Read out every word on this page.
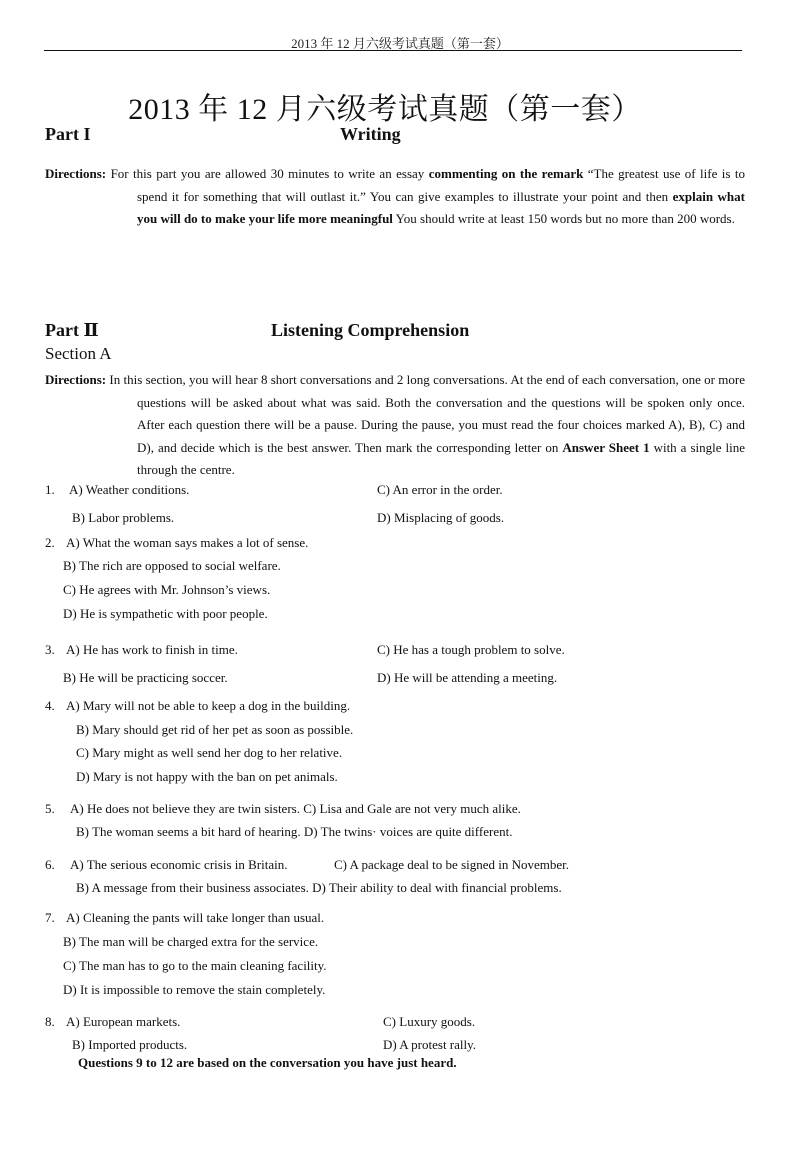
2013 年 12 月六级考试真题（第一套）
2013 年 12 月六级考试真题（第一套）
Part I	Writing
Directions: For this part you are allowed 30 minutes to write an essay commenting on the remark “The greatest use of life is to spend it for something that will outlast it.” You can give examples to illustrate your point and then explain what you will do to make your life more meaningful You should write at least 150 words but no more than 200 words.
Part Ⅱ	Listening Comprehension
Section A
Directions: In this section, you will hear 8 short conversations and 2 long conversations. At the end of each conversation, one or more questions will be asked about what was said. Both the conversation and the questions will be spoken only once. After each question there will be a pause. During the pause, you must read the four choices marked A), B), C) and D), and decide which is the best answer. Then mark the corresponding letter on Answer Sheet 1 with a single line through the centre.
1. A) Weather conditions.	C) An error in the order.
B) Labor problems.	D) Misplacing of goods.
2. A) What the woman says makes a lot of sense.
B) The rich are opposed to social welfare.
C) He agrees with Mr. Johnson’s views.
D) He is sympathetic with poor people.
3. A) He has work to finish in time.	C) He has a tough problem to solve.
B) He will be practicing soccer.	D) He will be attending a meeting.
4. A) Mary will not be able to keep a dog in the building.
B) Mary should get rid of her pet as soon as possible.
C) Mary might as well send her dog to her relative.
D) Mary is not happy with the ban on pet animals.
5. A) He does not believe they are twin sisters. C) Lisa and Gale are not very much alike.
B) The woman seems a bit hard of hearing. D) The twins· voices are quite different.
6. A) The serious economic crisis in Britain.	C) A package deal to be signed in November.
B) A message from their business associates. D) Their ability to deal with financial problems.
7. A) Cleaning the pants will take longer than usual.
B) The man will be charged extra for the service.
C) The man has to go to the main cleaning facility.
D) It is impossible to remove the stain completely.
8. A) European markets.	C) Luxury goods.
B) Imported products.	D) A protest rally.
Questions 9 to 12 are based on the conversation you have just heard.
